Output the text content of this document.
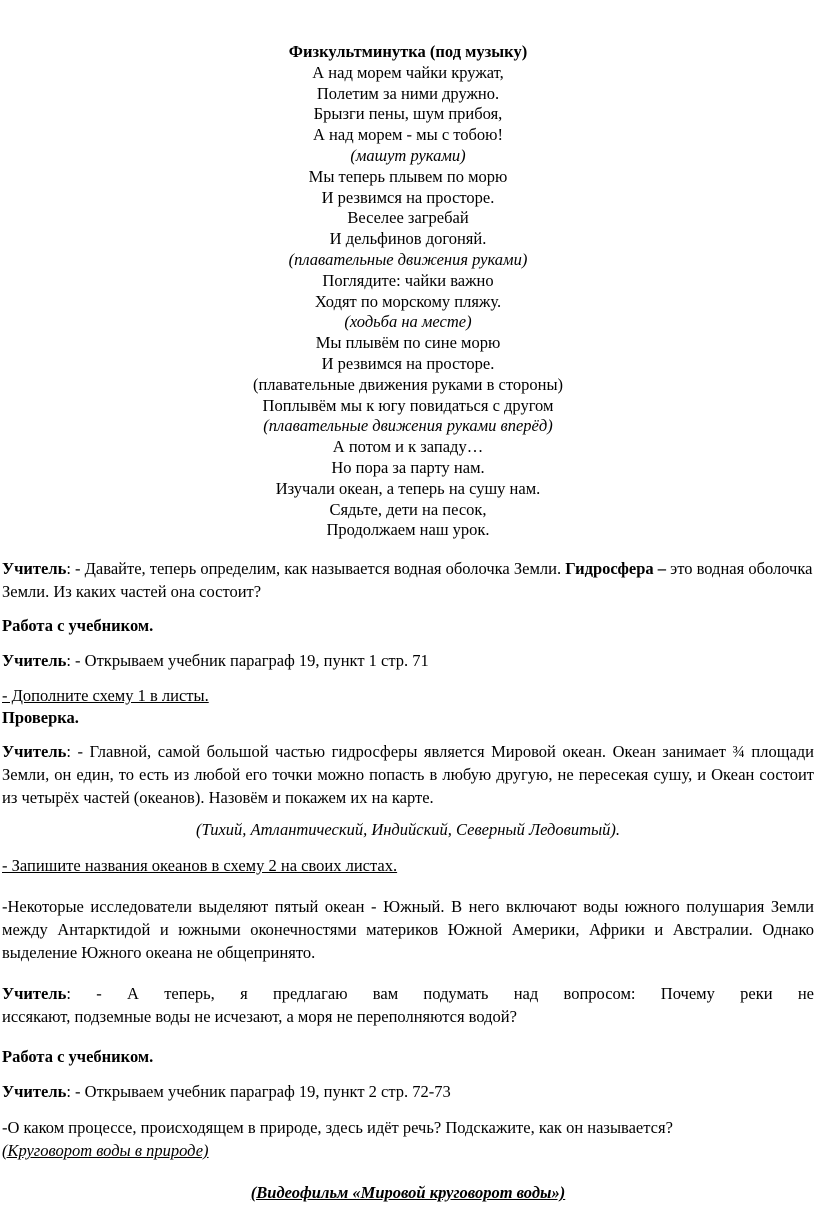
Физкультминутка (под музыку)
А над морем чайки кружат,
Полетим за ними дружно.
Брызги пены, шум прибоя,
А над морем - мы с тобою!
(машут руками)
Мы теперь плывем по морю
И резвимся на просторе.
Веселее загребай
И дельфинов догоняй.
(плавательные движения руками)
Поглядите: чайки важно
Ходят по морскому пляжу.
(ходьба на месте)
Мы плывём по сине морю
И резвимся на просторе.
(плавательные движения руками в стороны)
Поплывём мы к югу повидаться с другом
(плавательные движения руками вперёд)
А потом и к западу…
Но пора за парту нам.
Изучали океан, а теперь на сушу нам.
Сядьте, дети на песок,
Продолжаем наш урок.

Учитель: - Давайте, теперь определим, как называется водная оболочка Земли. Гидросфера – это водная оболочка Земли. Из каких частей она состоит?

Работа с учебником.

Учитель: - Открываем учебник параграф 19, пункт 1 стр. 71

- Дополните схему 1 в листы.

Проверка.

Учитель: - Главной, самой большой частью гидросферы является Мировой океан. Океан занимает ¾ площади Земли, он един, то есть из любой его точки можно попасть в любую другую, не пересекая сушу, и Океан состоит из четырёх частей (океанов). Назовём и покажем их на карте.

(Тихий, Атлантический, Индийский, Северный Ледовитый).

- Запишите названия океанов в схему 2 на своих листах.

-Некоторые исследователи выделяют пятый океан - Южный. В него включают воды южного полушария Земли между Антарктидой и южными оконечностями материков Южной Америки, Африки и Австралии. Однако выделение Южного океана не общепринято.

Учитель: - А теперь, я предлагаю вам подумать над вопросом: Почему реки не
иссякают, подземные воды не исчезают, а моря не переполняются водой?

Работа с учебником.

Учитель: - Открываем учебник параграф 19, пункт 2 стр. 72-73

-О каком процессе, происходящем в природе, здесь идёт речь? Подскажите, как он называется?
(Круговорот воды в природе)

(Видеофильм «Мировой круговорот воды»)
